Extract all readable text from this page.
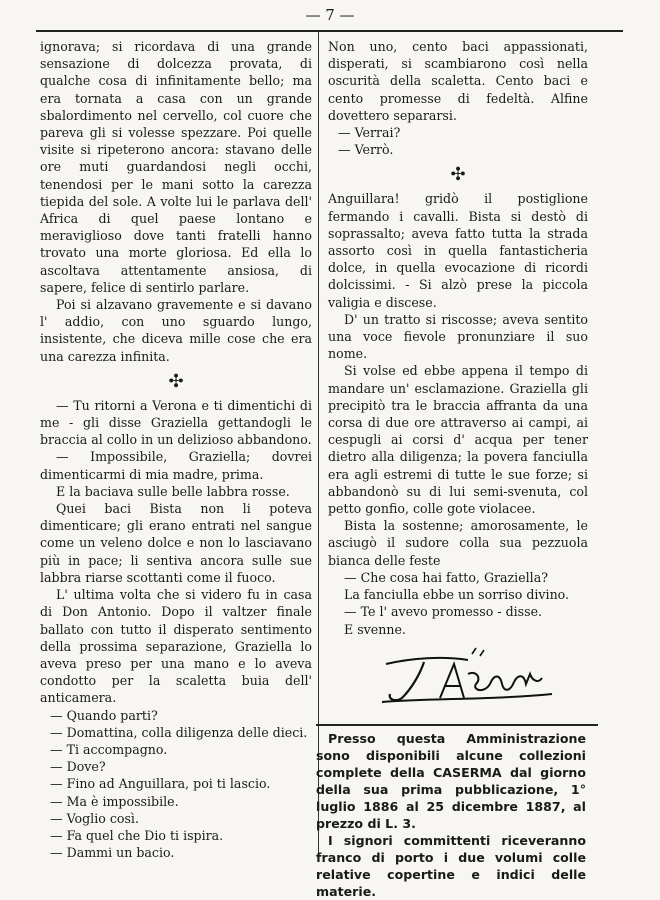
— 7 —

ignorava; si ricordava di una grande sensazione di dolcezza provata, di qualche cosa di infinitamente bello; ma era tornata a casa con un grande sbalordimento nel cervello, col cuore che pareva gli si volesse spezzare. Poi quelle visite si ripeterono ancora: stavano delle ore muti guardandosi negli occhi, tenendosi per le mani sotto la carezza tiepida del sole. A volte lui le parlava dell' Africa di quel paese lontano e meraviglioso dove tanti fratelli hanno trovato una morte gloriosa. Ed ella lo ascoltava attentamente ansiosa, di sapere, felice di sentirlo parlare.

Poi si alzavano gravemente e si davano l' addio, con uno sguardo lungo, insistente, che diceva mille cose che era una carezza infinita.

✣

— Tu ritorni a Verona e ti dimentichi di me - gli disse Graziella gettandogli le braccia al collo in un delizioso abbandono.

— Impossibile, Graziella; dovrei dimenticarmi di mia madre, prima.

E la baciava sulle belle labbra rosse.

Quei baci Bista non li poteva dimenticare; gli erano entrati nel sangue come un veleno dolce e non lo lasciavano più in pace; li sentiva ancora sulle sue labbra riarse scottanti come il fuoco.

L' ultima volta che si videro fu in casa di Don Antonio. Dopo il valtzer finale ballato con tutto il disperato sentimento della prossima separazione, Graziella lo aveva preso per una mano e lo aveva condotto per la scaletta buia dell' anticamera.

— Quando parti?

— Domattina, colla diligenza delle dieci.

— Ti accompagno.

— Dove?

— Fino ad Anguillara, poi ti lascio.

— Ma è impossibile.

— Voglio così.

— Fa quel che Dio ti ispira.

— Dammi un bacio.

Non uno, cento baci appassionati, disperati, si scambiarono così nella oscurità della scaletta. Cento baci e cento promesse di fedeltà. Alfine dovettero separarsi.

— Verrai?

— Verrò.

✣

Anguillara! gridò il postiglione fermando i cavalli. Bista si destò di soprassalto; aveva fatto tutta la strada assorto così in quella fantasticheria dolce, in quella evocazione di ricordi dolcissimi. - Si alzò prese la piccola valigia e discese.

D' un tratto si riscosse; aveva sentito una voce fievole pronunziare il suo nome.

Si volse ed ebbe appena il tempo di mandare un' esclamazione. Graziella gli precipitò tra le braccia affranta da una corsa di due ore attraverso ai campi, ai cespugli ai corsi d' acqua per tener dietro alla diligenza; la povera fanciulla era agli estremi di tutte le sue forze; si abbandonò su di lui semi-svenuta, col petto gonfio, colle gote violacee.

Bista la sostenne; amorosamente, le asciugò il sudore colla sua pezzuola bianca delle feste

— Che cosa hai fatto, Graziella?

La fanciulla ebbe un sorriso divino.

— Te l' avevo promesso - disse.

E svenne.

Presso questa Amministrazione sono disponibili alcune collezioni complete della CASERMA dal giorno della sua prima pubblicazione, 1° luglio 1886 al 25 dicembre 1887, al prezzo di L. 3.

I signori committenti riceveranno franco di porto i due volumi colle relative copertine e indici delle materie.
